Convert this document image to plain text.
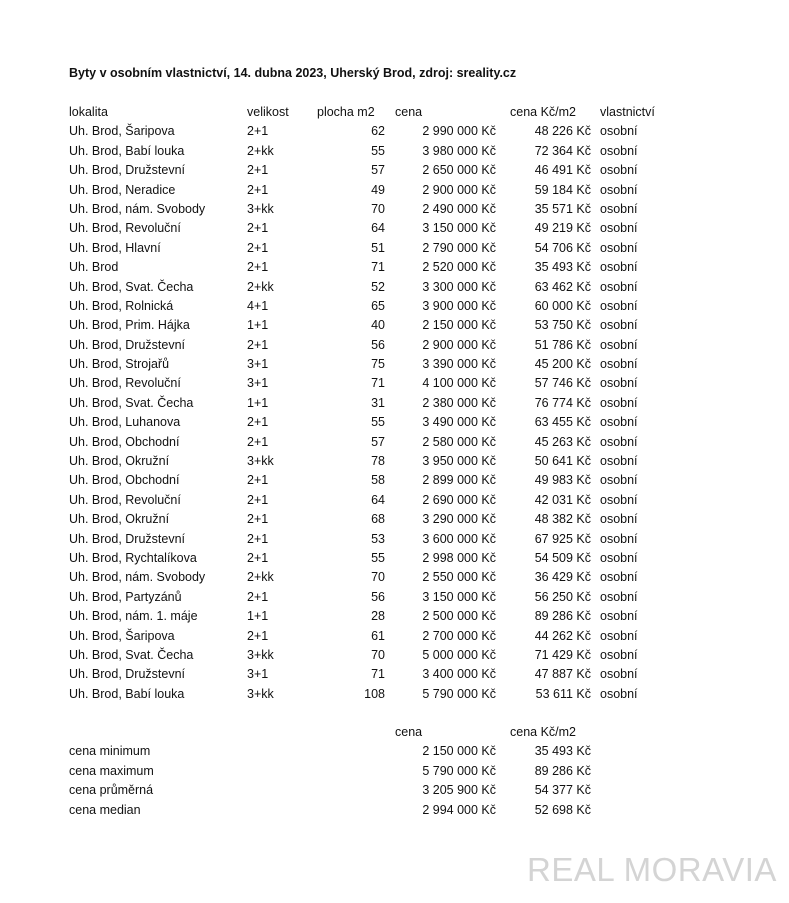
Byty v osobním vlastnictví, 14. dubna 2023, Uherský Brod, zdroj: sreality.cz
lokalita	velikost plocha m2 cena	cena Kč/m2 vlastnictví
Uh. Brod, Šaripova	2+1	62	2 990 000 Kč	48 226 Kč osobní
Uh. Brod, Babí louka	2+kk	55	3 980 000 Kč	72 364 Kč osobní
Uh. Brod, Družstevní	2+1	57	2 650 000 Kč	46 491 Kč osobní
Uh. Brod, Neradice	2+1	49	2 900 000 Kč	59 184 Kč osobní
Uh. Brod, nám. Svobody	3+kk	70	2 490 000 Kč	35 571 Kč osobní
Uh. Brod, Revoluční	2+1	64	3 150 000 Kč	49 219 Kč osobní
Uh. Brod, Hlavní	2+1	51	2 790 000 Kč	54 706 Kč osobní
Uh. Brod	2+1	71	2 520 000 Kč	35 493 Kč osobní
Uh. Brod, Svat. Čecha	2+kk	52	3 300 000 Kč	63 462 Kč osobní
Uh. Brod, Rolnická	4+1	65	3 900 000 Kč	60 000 Kč osobní
Uh. Brod, Prim. Hájka	1+1	40	2 150 000 Kč	53 750 Kč osobní
Uh. Brod, Družstevní	2+1	56	2 900 000 Kč	51 786 Kč osobní
Uh. Brod, Strojařů	3+1	75	3 390 000 Kč	45 200 Kč osobní
Uh. Brod, Revoluční	3+1	71	4 100 000 Kč	57 746 Kč osobní
Uh. Brod, Svat. Čecha	1+1	31	2 380 000 Kč	76 774 Kč osobní
Uh. Brod, Luhanova	2+1	55	3 490 000 Kč	63 455 Kč osobní
Uh. Brod, Obchodní	2+1	57	2 580 000 Kč	45 263 Kč osobní
Uh. Brod, Okružní	3+kk	78	3 950 000 Kč	50 641 Kč osobní
Uh. Brod, Obchodní	2+1	58	2 899 000 Kč	49 983 Kč osobní
Uh. Brod, Revoluční	2+1	64	2 690 000 Kč	42 031 Kč osobní
Uh. Brod, Okružní	2+1	68	3 290 000 Kč	48 382 Kč osobní
Uh. Brod, Družstevní	2+1	53	3 600 000 Kč	67 925 Kč osobní
Uh. Brod, Rychtalíkova	2+1	55	2 998 000 Kč	54 509 Kč osobní
Uh. Brod, nám. Svobody	2+kk	70	2 550 000 Kč	36 429 Kč osobní
Uh. Brod, Partyzánů	2+1	56	3 150 000 Kč	56 250 Kč osobní
Uh. Brod, nám. 1. máje	1+1	28	2 500 000 Kč	89 286 Kč osobní
Uh. Brod, Šaripova	2+1	61	2 700 000 Kč	44 262 Kč osobní
Uh. Brod, Svat. Čecha	3+kk	70	5 000 000 Kč	71 429 Kč osobní
Uh. Brod, Družstevní	3+1	71	3 400 000 Kč	47 887 Kč osobní
Uh. Brod, Babí louka	3+kk	108	5 790 000 Kč	53 611 Kč osobní
cena	cena Kč/m2
cena minimum	2 150 000 Kč	35 493 Kč
cena maximum	5 790 000 Kč	89 286 Kč
cena průměrná	3 205 900 Kč	54 377 Kč
cena median	2 994 000 Kč	52 698 Kč
REAL MORAVIA
